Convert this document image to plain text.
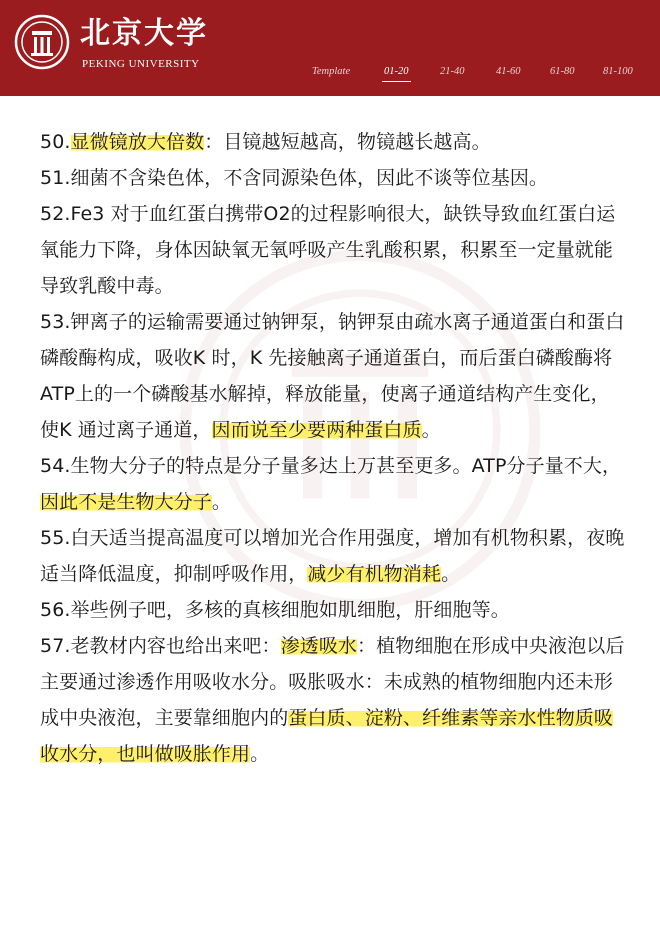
北京大学
PEKING UNIVERSITY
Template	01-20	21-40	41-60	61-80	81-100

50.显微镜放大倍数：目镜越短越高，物镜越长越高。

51.细菌不含染色体，不含同源染色体，因此不谈等位基因。

52.Fe3 对于血红蛋白携带O2的过程影响很大，缺铁导致血红蛋白运氧能力下降，身体因缺氧无氧呼吸产生乳酸积累，积累至一定量就能导致乳酸中毒。

53.钾离子的运输需要通过钠钾泵，钠钾泵由疏水离子通道蛋白和蛋白磷酸酶构成，吸收K 时，K 先接触离子通道蛋白，而后蛋白磷酸酶将ATP上的一个磷酸基水解掉，释放能量，使离子通道结构产生变化，使K 通过离子通道，因而说至少要两种蛋白质。

54.生物大分子的特点是分子量多达上万甚至更多。ATP分子量不大，因此不是生物大分子。

55.白天适当提高温度可以增加光合作用强度，增加有机物积累，夜晚适当降低温度，抑制呼吸作用，减少有机物消耗。

56.举些例子吧，多核的真核细胞如肌细胞，肝细胞等。

57.老教材内容也给出来吧：渗透吸水：植物细胞在形成中央液泡以后主要通过渗透作用吸收水分。吸胀吸水：未成熟的植物细胞内还未形成中央液泡，主要靠细胞内的蛋白质、淀粉、纤维素等亲水性物质吸收水分，也叫做吸胀作用。
